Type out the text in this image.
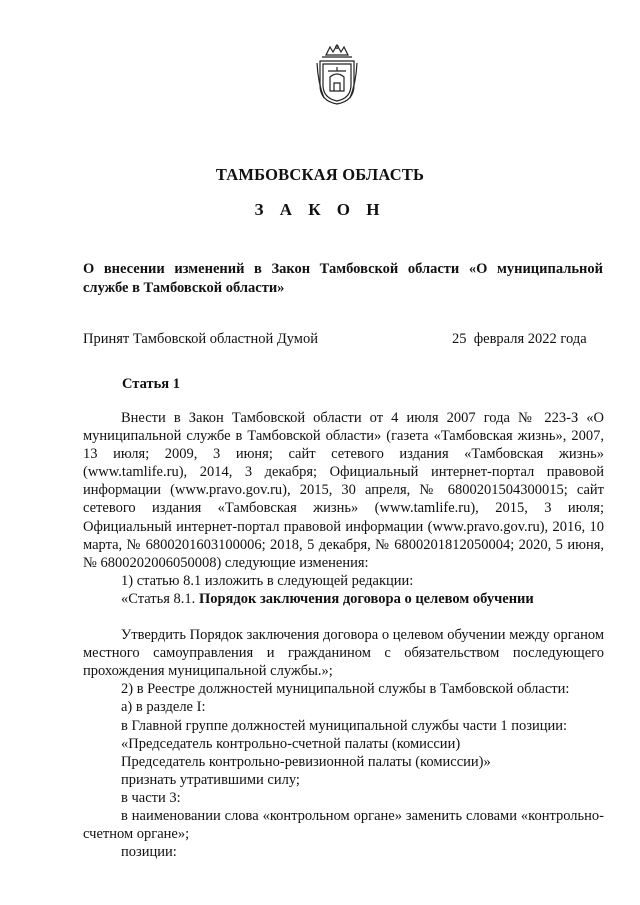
ТАМБОВСКАЯ ОБЛАСТЬ
З А К О Н
О внесении изменений в Закон Тамбовской области «О муниципальной службе в Тамбовской области»
Принят Тамбовской областной Думой	25 февраля 2022 года
Статья 1
Внести в Закон Тамбовской области от 4 июля 2007 года № 223-З «О муниципальной службе в Тамбовской области» (газета «Тамбовская жизнь», 2007, 13 июля; 2009, 3 июня; сайт сетевого издания «Тамбовская жизнь» (www.tamlife.ru), 2014, 3 декабря; Официальный интернет-портал правовой информации (www.pravo.gov.ru), 2015, 30 апреля, № 6800201504300015; сайт сетевого издания «Тамбовская жизнь» (www.tamlife.ru), 2015, 3 июля; Официальный интернет-портал правовой информации (www.pravo.gov.ru), 2016, 10 марта, № 6800201603100006; 2018, 5 декабря, № 6800201812050004; 2020, 5 июня, № 6800202006050008) следующие изменения:
1) статью 8.1 изложить в следующей редакции:
«Статья 8.1. Порядок заключения договора о целевом обучении
Утвердить Порядок заключения договора о целевом обучении между органом местного самоуправления и гражданином с обязательством последующего прохождения муниципальной службы.»;
2) в Реестре должностей муниципальной службы в Тамбовской области:
а) в разделе I:
в Главной группе должностей муниципальной службы части 1 позиции:
«Председатель контрольно-счетной палаты (комиссии)
Председатель контрольно-ревизионной палаты (комиссии)»
признать утратившими силу;
в части 3:
в наименовании слова «контрольном органе» заменить словами «контрольно-счетном органе»;
позиции:
